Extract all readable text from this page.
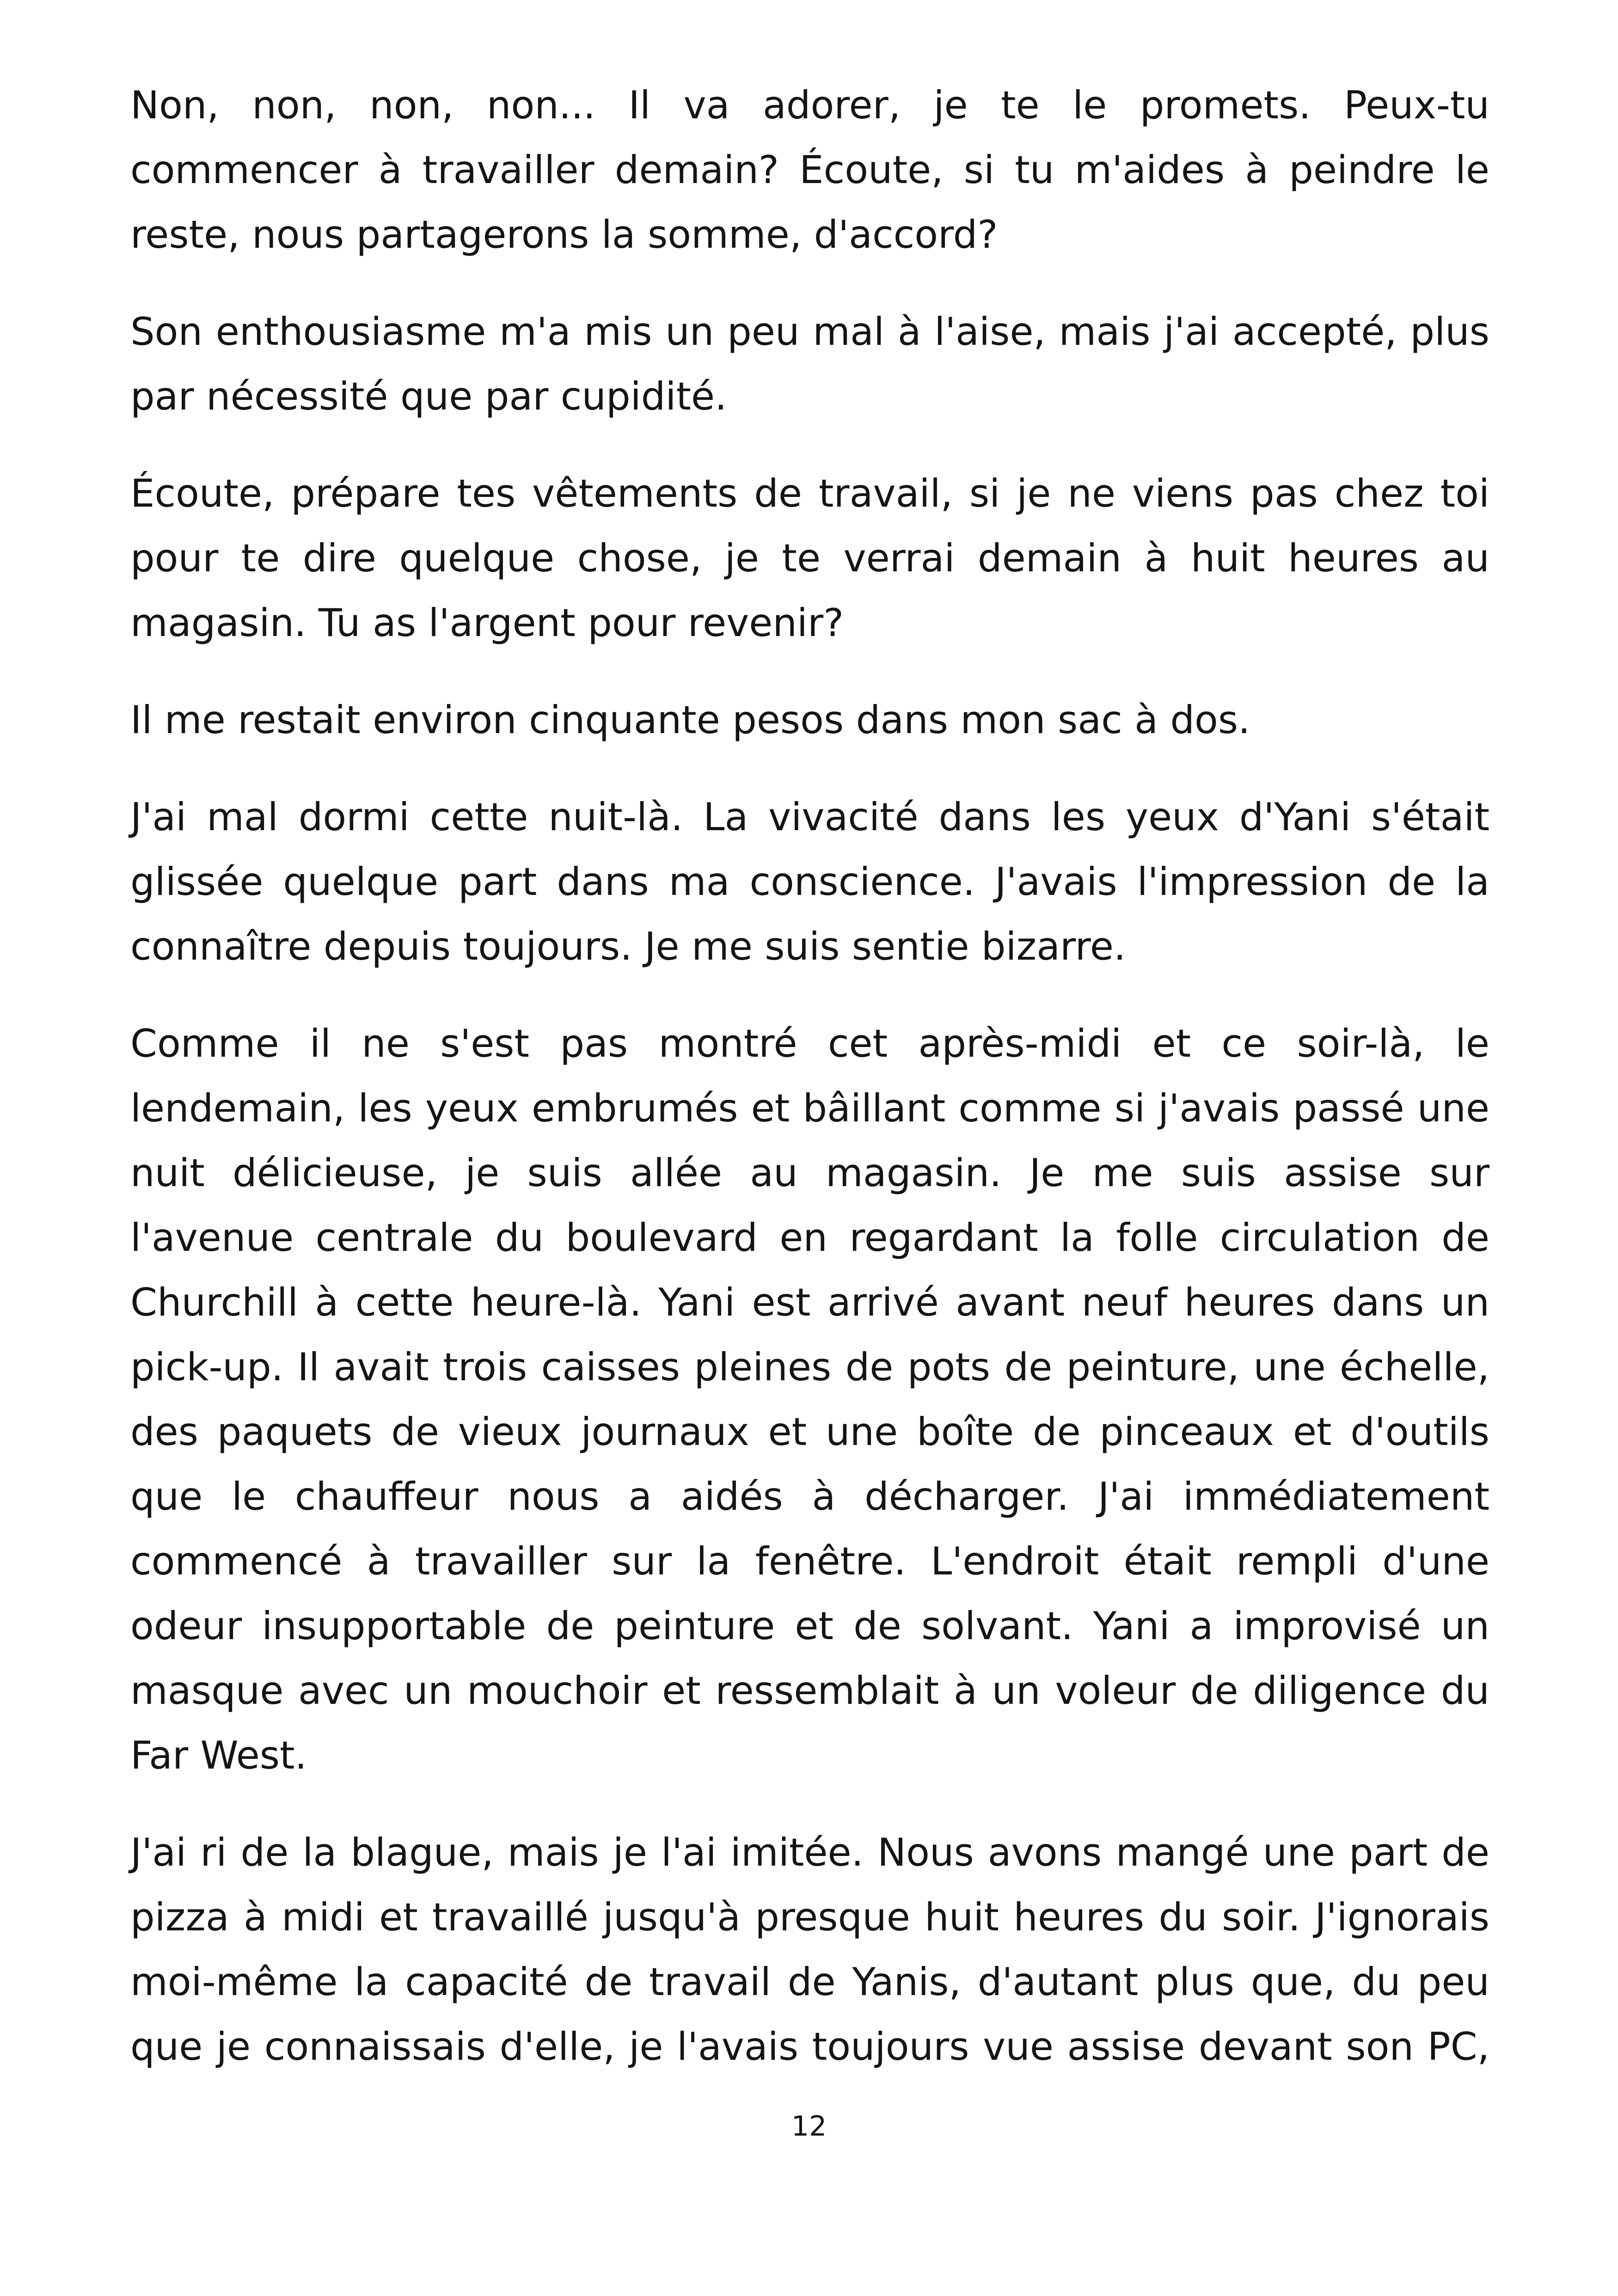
Non, non, non, non... Il va adorer, je te le promets. Peux-tu commencer à travailler demain? Écoute, si tu m'aides à peindre le reste, nous partagerons la somme, d'accord?

Son enthousiasme m'a mis un peu mal à l'aise, mais j'ai accepté, plus par nécessité que par cupidité.

Écoute, prépare tes vêtements de travail, si je ne viens pas chez toi pour te dire quelque chose, je te verrai demain à huit heures au magasin. Tu as l'argent pour revenir?

Il me restait environ cinquante pesos dans mon sac à dos.

J'ai mal dormi cette nuit-là. La vivacité dans les yeux d'Yani s'était glissée quelque part dans ma conscience. J'avais l'impression de la connaître depuis toujours. Je me suis sentie bizarre.

Comme il ne s'est pas montré cet après-midi et ce soir-là, le lendemain, les yeux embrumés et bâillant comme si j'avais passé une nuit délicieuse, je suis allée au magasin. Je me suis assise sur l'avenue centrale du boulevard en regardant la folle circulation de Churchill à cette heure-là. Yani est arrivé avant neuf heures dans un pick-up. Il avait trois caisses pleines de pots de peinture, une échelle, des paquets de vieux journaux et une boîte de pinceaux et d'outils que le chauffeur nous a aidés à décharger. J'ai immédiatement commencé à travailler sur la fenêtre. L'endroit était rempli d'une odeur insupportable de peinture et de solvant. Yani a improvisé un masque avec un mouchoir et ressemblait à un voleur de diligence du Far West.

J'ai ri de la blague, mais je l'ai imitée. Nous avons mangé une part de pizza à midi et travaillé jusqu'à presque huit heures du soir. J'ignorais moi-même la capacité de travail de Yanis, d'autant plus que, du peu que je connaissais d'elle, je l'avais toujours vue assise devant son PC,

12
